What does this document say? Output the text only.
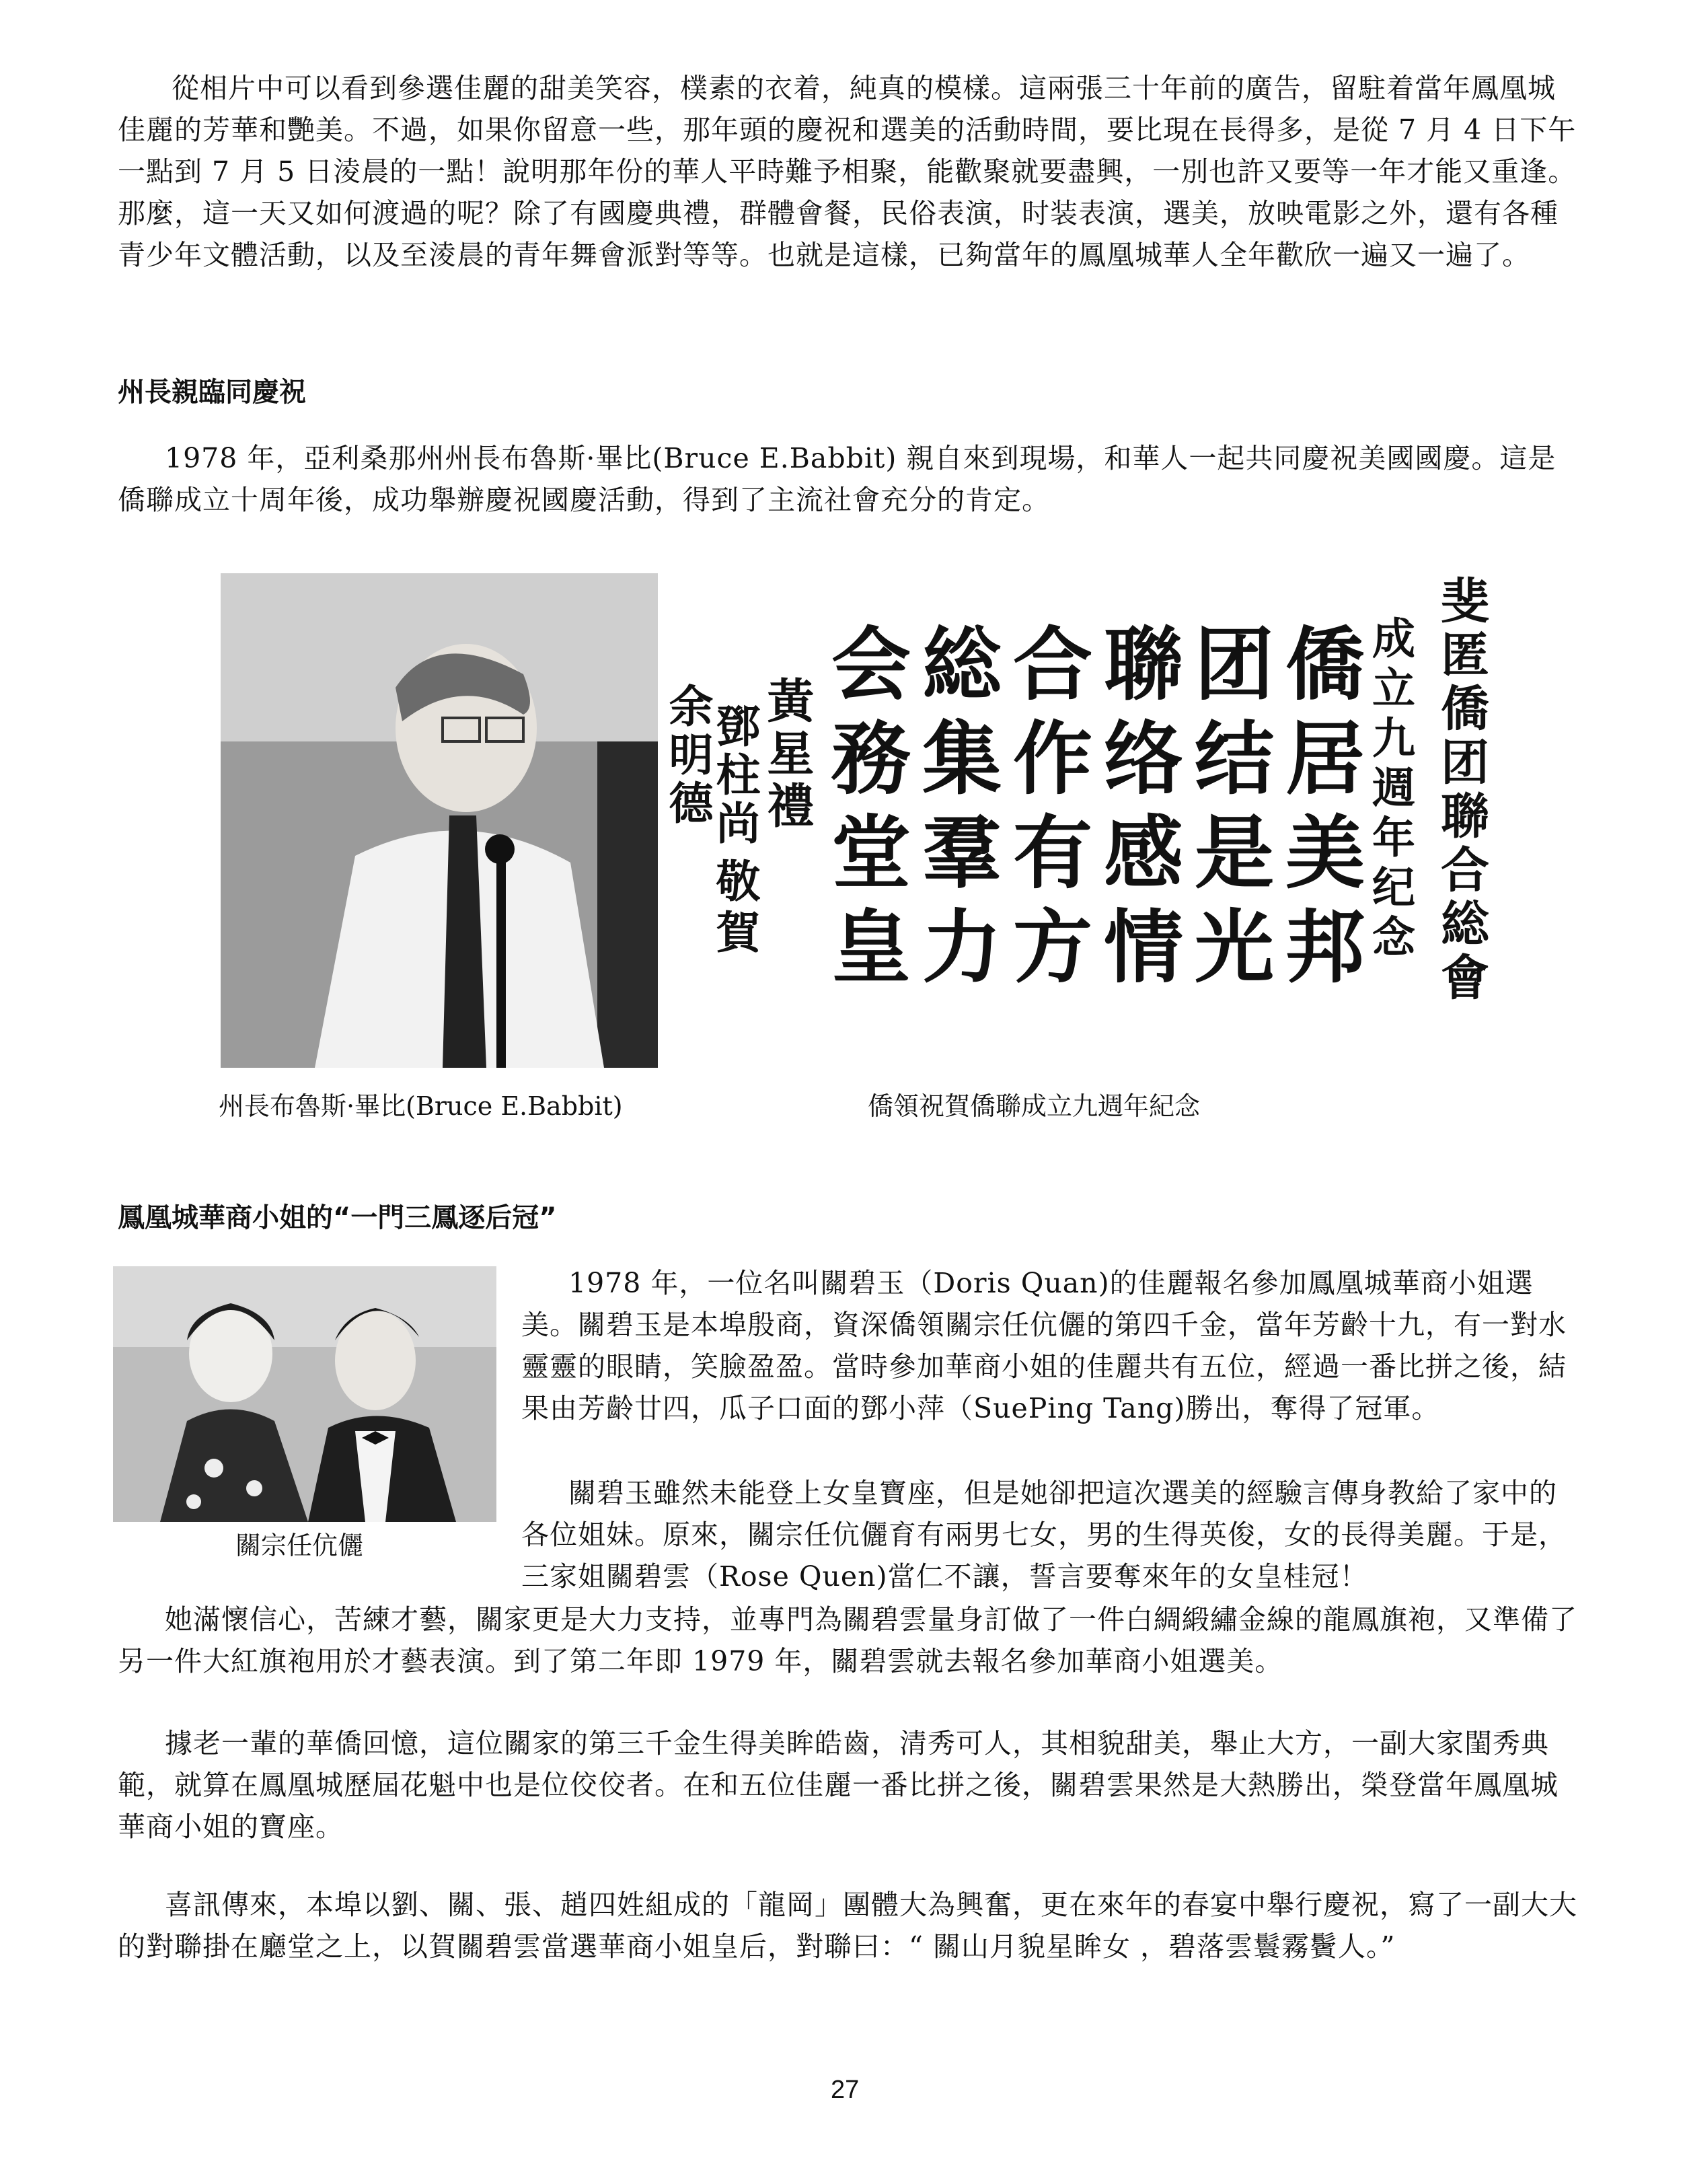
從相片中可以看到參選佳麗的甜美笑容，樸素的衣着，純真的模樣。這兩張三十年前的廣告，留駐着當年鳳凰城佳麗的芳華和艷美。不過，如果你留意一些，那年頭的慶祝和選美的活動時間，要比現在長得多，是從 7 月 4 日下午一點到 7 月 5 日淩晨的一點！說明那年份的華人平時難予相聚，能歡聚就要盡興，一別也許又要等一年才能又重逢。那麼，這一天又如何渡過的呢？除了有國慶典禮，群體會餐，民俗表演，时装表演，選美，放映電影之外，還有各種青少年文體活動，以及至淩晨的青年舞會派對等等。也就是這樣，已夠當年的鳳凰城華人全年歡欣一遍又一遍了。

州長親臨同慶祝

1978 年，亞利桑那州州長布魯斯·畢比(Bruce E.Babbit) 親自來到現場，和華人一起共同慶祝美國國慶。這是僑聯成立十周年後，成功舉辦慶祝國慶活動，得到了主流社會充分的肯定。

斐匿僑团聯合総會
成立九週年纪念
僑居美邦
团结是光
聯络感情
合作有方
総集羣力
会務堂皇
黃星禮
鄧柱尚
余明德
敬賀
州長布魯斯·畢比(Bruce E.Babbit)	僑領祝賀僑聯成立九週年紀念
鳳凰城華商小姐的“一門三鳳逐后冠”
關宗任伉儷

1978 年，一位名叫關碧玉（Doris Quan)的佳麗報名參加鳳凰城華商小姐選美。關碧玉是本埠殷商，資深僑領關宗任伉儷的第四千金，當年芳齡十九，有一對水靈靈的眼睛，笑臉盈盈。當時參加華商小姐的佳麗共有五位，經過一番比拼之後，結果由芳齡廿四，瓜子口面的鄧小萍（SuePing Tang)勝出，奪得了冠軍。

關碧玉雖然未能登上女皇寶座，但是她卻把這次選美的經驗言傳身教給了家中的各位姐妹。原來，關宗任伉儷育有兩男七女，男的生得英俊，女的長得美麗。于是，三家姐關碧雲（Rose Quen)當仁不讓，誓言要奪來年的女皇桂冠！

她滿懷信心，苦練才藝，關家更是大力支持，並專門為關碧雲量身訂做了一件白綢緞繡金線的龍鳳旗袍，又準備了另一件大紅旗袍用於才藝表演。到了第二年即 1979 年，關碧雲就去報名參加華商小姐選美。

據老一輩的華僑回憶，這位關家的第三千金生得美眸皓齒，清秀可人，其相貌甜美，舉止大方，一副大家閨秀典範，就算在鳳凰城歷屆花魁中也是位佼佼者。在和五位佳麗一番比拼之後，關碧雲果然是大熱勝出，榮登當年鳳凰城華商小姐的寶座。

喜訊傳來，本埠以劉、關、張、趙四姓組成的「龍岡」團體大為興奮，更在來年的春宴中舉行慶祝，寫了一副大大的對聯掛在廳堂之上，以賀關碧雲當選華商小姐皇后，對聯曰：“ 關山月貌星眸女 ，碧落雲鬟霧鬢人。”

27
